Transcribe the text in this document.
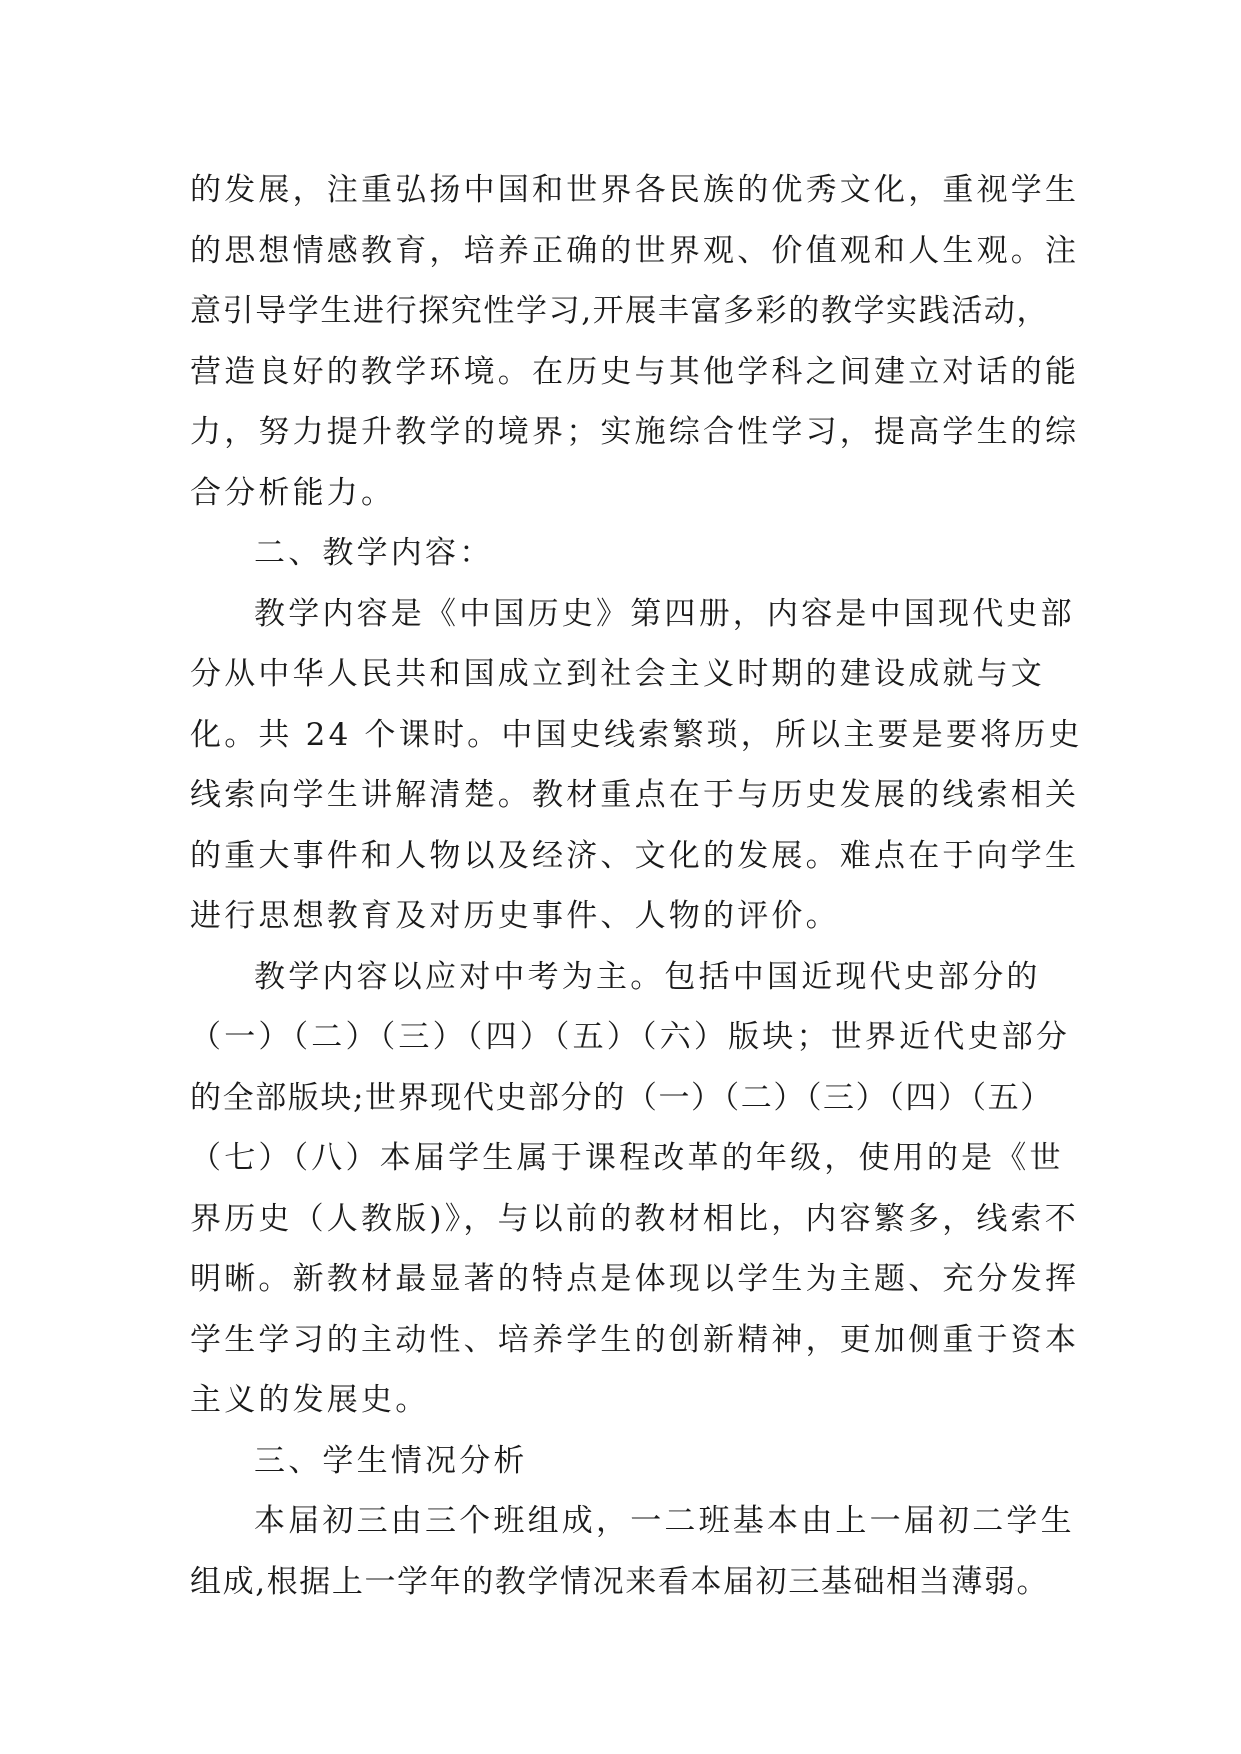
的发展，注重弘扬中国和世界各民族的优秀文化，重视学生
的思想情感教育，培养正确的世界观、价值观和人生观。注
意引导学生进行探究性学习,开展丰富多彩的教学实践活动，
营造良好的教学环境。在历史与其他学科之间建立对话的能
力，努力提升教学的境界；实施综合性学习，提高学生的综
合分析能力。
二、教学内容：
教学内容是《中国历史》第四册，内容是中国现代史部
分从中华人民共和国成立到社会主义时期的建设成就与文
化。共 24 个课时。中国史线索繁琐，所以主要是要将历史
线索向学生讲解清楚。教材重点在于与历史发展的线索相关
的重大事件和人物以及经济、文化的发展。难点在于向学生
进行思想教育及对历史事件、人物的评价。
教学内容以应对中考为主。包括中国近现代史部分的
（一）（二）（三）（四）（五）（六）版块；世界近代史部分
的全部版块;世界现代史部分的（一）（二）（三）（四）（五）
（七）（八）本届学生属于课程改革的年级，使用的是《世
界历史（人教版)》，与以前的教材相比，内容繁多，线索不
明晰。新教材最显著的特点是体现以学生为主题、充分发挥
学生学习的主动性、培养学生的创新精神，更加侧重于资本
主义的发展史。
三、学生情况分析
本届初三由三个班组成，一二班基本由上一届初二学生
组成,根据上一学年的教学情况来看本届初三基础相当薄弱。
